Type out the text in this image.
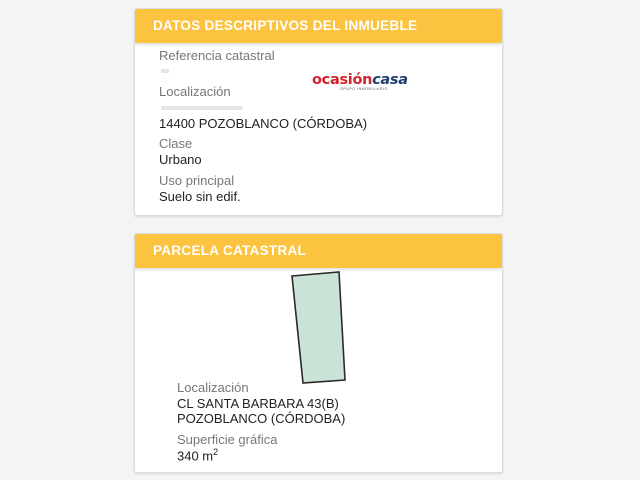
DATOS DESCRIPTIVOS DEL INMUEBLE
Referencia catastral
Localización
14400 POZOBLANCO (CÓRDOBA)
Clase
Urbano
Uso principal
Suelo sin edif.
ocasióncasa
GRUPO INMOBILIARIO
PARCELA CATASTRAL
Localización
CL SANTA BARBARA 43(B)
POZOBLANCO (CÓRDOBA)
Superficie gráfica
340 $m^2$
